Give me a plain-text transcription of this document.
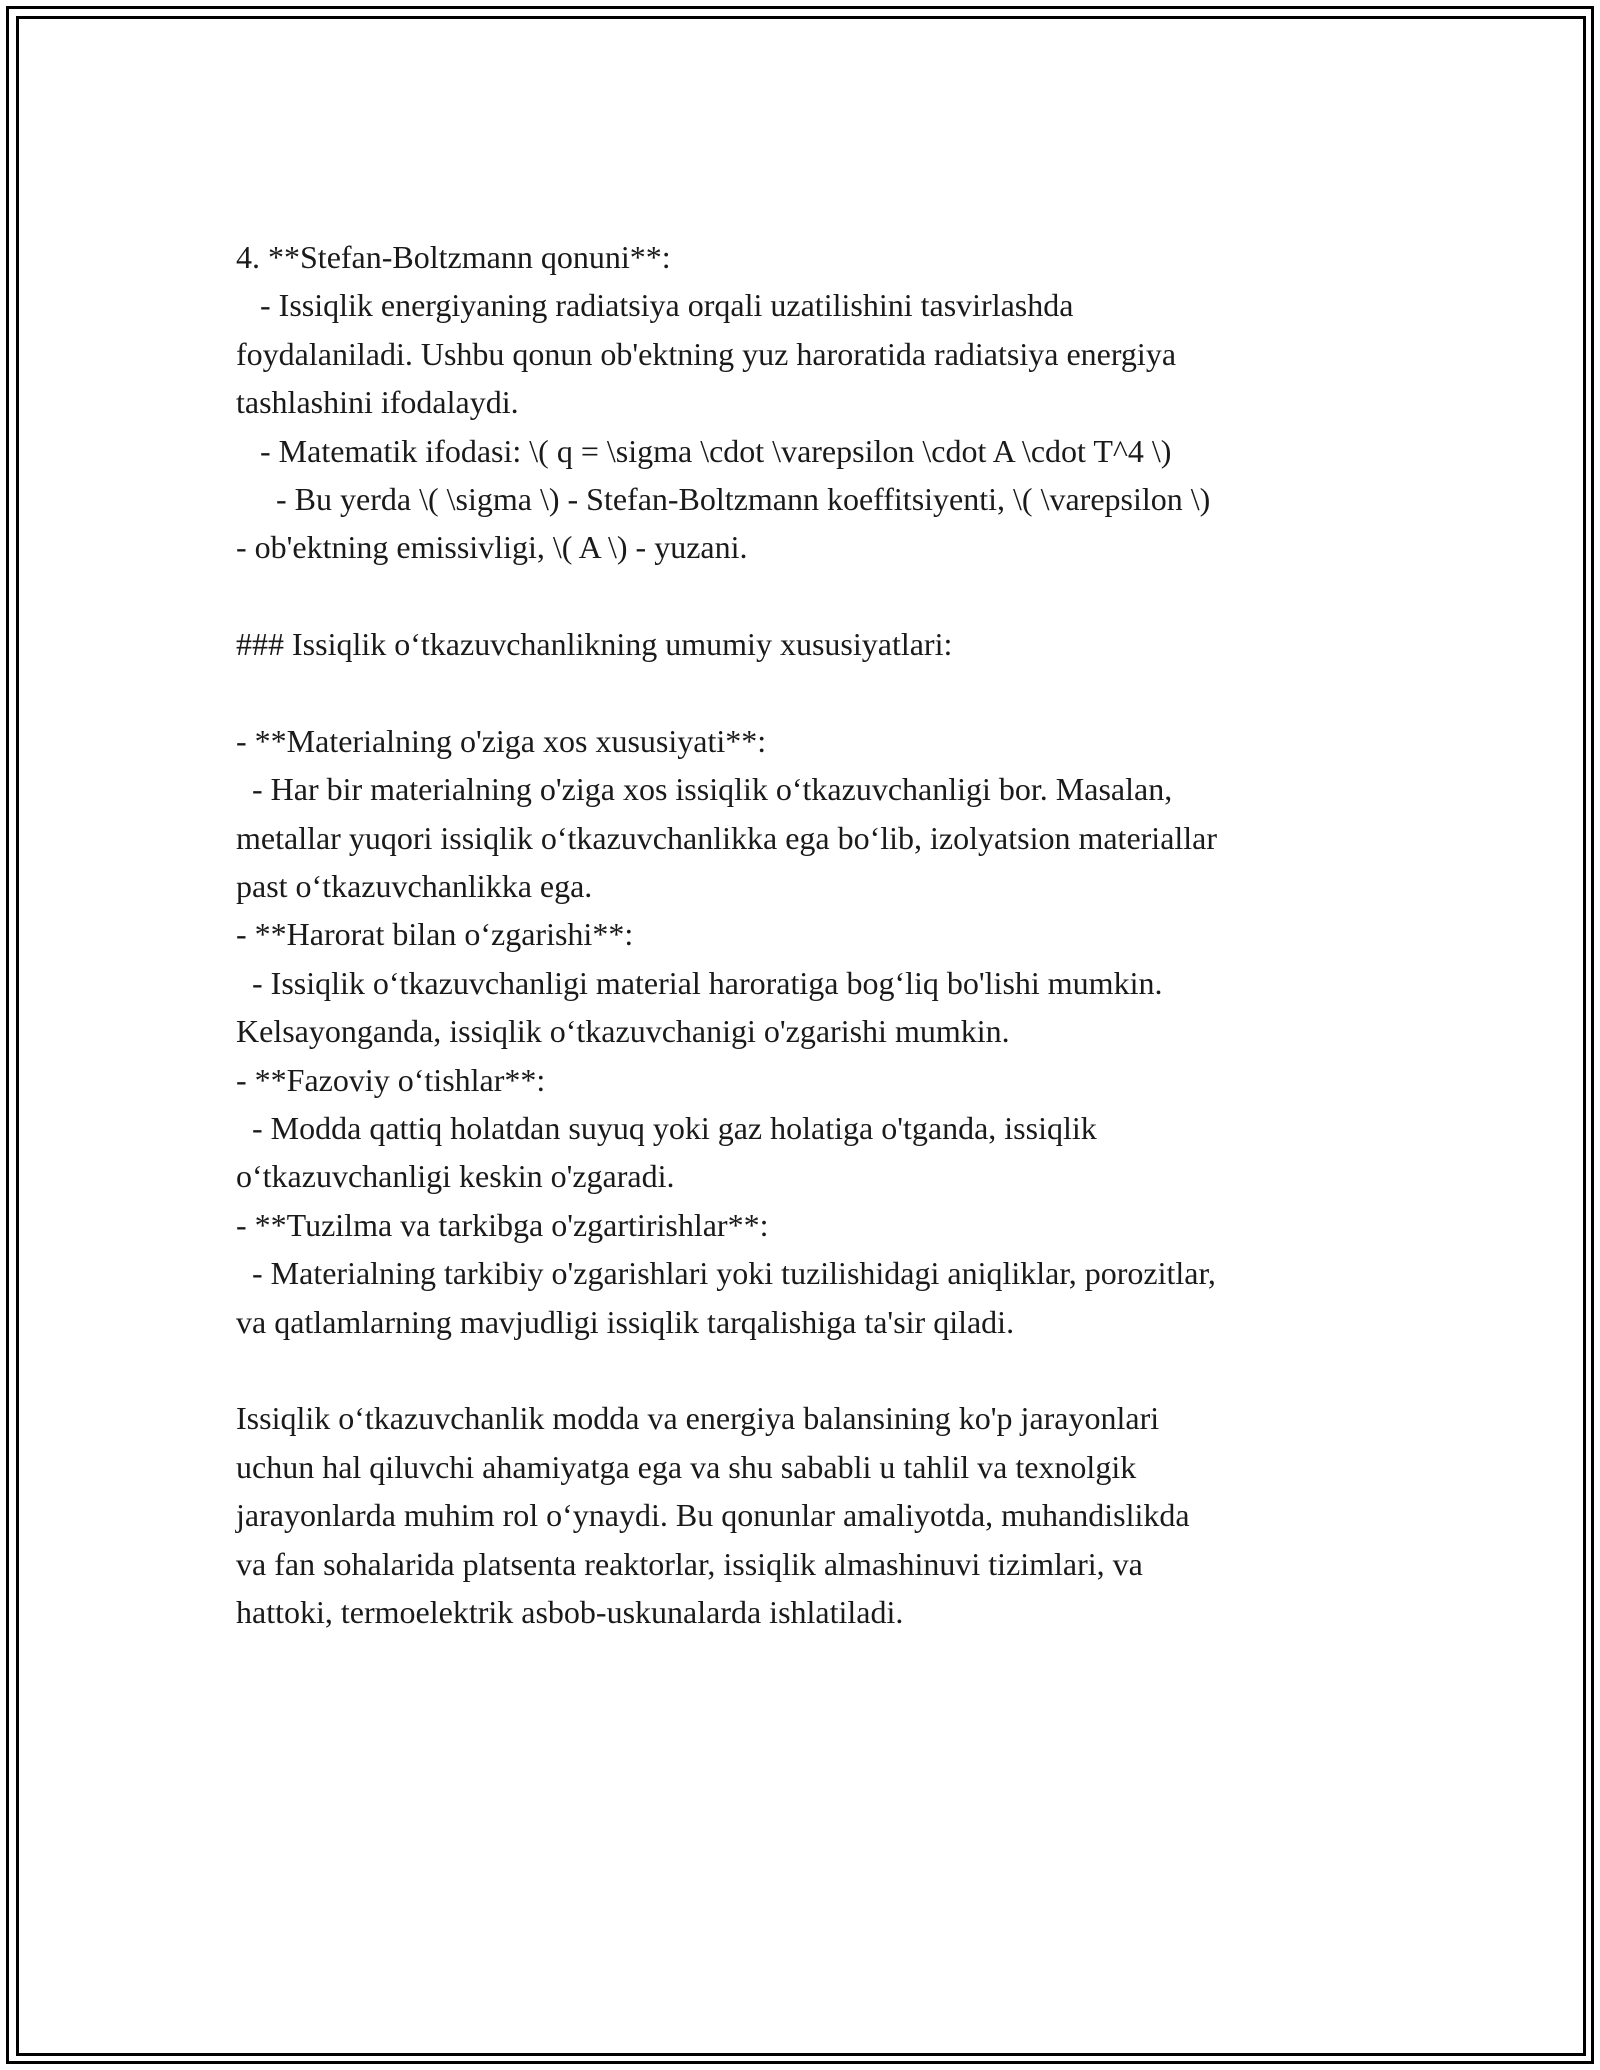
4. **Stefan-Boltzmann qonuni**:
- Issiqlik energiyaning radiatsiya orqali uzatilishini tasvirlashda
foydalaniladi. Ushbu qonun ob'ektning yuz haroratida radiatsiya energiya
tashlashini ifodalaydi.
- Matematik ifodasi: \( q = \sigma \cdot \varepsilon \cdot A \cdot T^4 \)
- Bu yerda \( \sigma \) - Stefan-Boltzmann koeffitsiyenti, \( \varepsilon \)
- ob'ektning emissivligi, \( A \) - yuzani.
### Issiqlik o‘tkazuvchanlikning umumiy xususiyatlari:
- **Materialning o'ziga xos xususiyati**:
- Har bir materialning o'ziga xos issiqlik o‘tkazuvchanligi bor. Masalan,
metallar yuqori issiqlik o‘tkazuvchanlikka ega bo‘lib, izolyatsion materiallar
past o‘tkazuvchanlikka ega.
- **Harorat bilan o‘zgarishi**:
- Issiqlik o‘tkazuvchanligi material haroratiga bog‘liq bo'lishi mumkin.
Kelsayonganda, issiqlik o‘tkazuvchanigi o'zgarishi mumkin.
- **Fazoviy o‘tishlar**:
- Modda qattiq holatdan suyuq yoki gaz holatiga o'tganda, issiqlik
o‘tkazuvchanligi keskin o'zgaradi.
- **Tuzilma va tarkibga o'zgartirishlar**:
- Materialning tarkibiy o'zgarishlari yoki tuzilishidagi aniqliklar, porozitlar,
va qatlamlarning mavjudligi issiqlik tarqalishiga ta'sir qiladi.
Issiqlik o‘tkazuvchanlik modda va energiya balansining ko'p jarayonlari
uchun hal qiluvchi ahamiyatga ega va shu sababli u tahlil va texnolgik
jarayonlarda muhim rol o‘ynaydi. Bu qonunlar amaliyotda, muhandislikda
va fan sohalarida platsenta reaktorlar, issiqlik almashinuvi tizimlari, va
hattoki, termoelektrik asbob-uskunalarda ishlatiladi.
